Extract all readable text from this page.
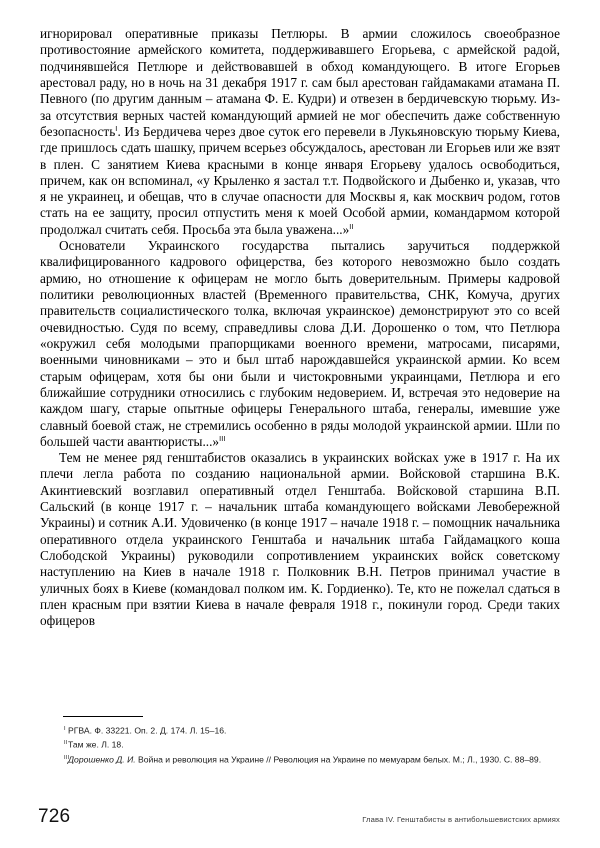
игнорировал оперативные приказы Петлюры. В армии сложилось своеобразное противостояние армейского комитета, поддерживавшего Егорьева, с армейской радой, подчинявшейся Петлюре и действовавшей в обход командующего. В итоге Егорьев арестовал раду, но в ночь на 31 декабря 1917 г. сам был арестован гайдамаками атамана П. Певного (по другим данным – атамана Ф. Е. Кудри) и отвезен в бердичевскую тюрьму. Из-за отсутствия верных частей командующий армией не мог обеспечить даже собственную безопасность$^I$. Из Бердичева через двое суток его перевели в Лукьяновскую тюрьму Киева, где пришлось сдать шашку, причем всерьез обсуждалось, арестован ли Егорьев или же взят в плен. С занятием Киева красными в конце января Егорьеву удалось освободиться, причем, как он вспоминал, «у Крыленко я застал т.т. Подвойского и Дыбенко и, указав, что я не украинец, и обещав, что в случае опасности для Москвы я, как москвич родом, готов стать на ее защиту, просил отпустить меня к моей Особой армии, командармом которой продолжал считать себя. Просьба эта была уважена...»$^{II}$

Основатели Украинского государства пытались заручиться поддержкой квалифицированного кадрового офицерства, без которого невозможно было создать армию, но отношение к офицерам не могло быть доверительным. Примеры кадровой политики революционных властей (Временного правительства, СНК, Комуча, других правительств социалистического толка, включая украинское) демонстрируют это со всей очевидностью. Судя по всему, справедливы слова Д.И. Дорошенко о том, что Петлюра «окружил себя молодыми прапорщиками военного времени, матросами, писарями, военными чиновниками – это и был штаб нарождавшейся украинской армии. Ко всем старым офицерам, хотя бы они были и чистокровными украинцами, Петлюра и его ближайшие сотрудники относились с глубоким недоверием. И, встречая это недоверие на каждом шагу, старые опытные офицеры Генерального штаба, генералы, имевшие уже славный боевой стаж, не стремились особенно в ряды молодой украинской армии. Шли по большей части авантюристы...»$^{III}$

Тем не менее ряд генштабистов оказались в украинских войсках уже в 1917 г. На их плечи легла работа по созданию национальной армии. Войсковой старшина В.К. Акинтиевский возглавил оперативный отдел Генштаба. Войсковой старшина В.П. Сальский (в конце 1917 г. – начальник штаба командующего войсками Левобережной Украины) и сотник А.И. Удовиченко (в конце 1917 – начале 1918 г. – помощник начальника оперативного отдела украинского Генштаба и начальник штаба Гайдамацкого коша Слободской Украины) руководили сопротивлением украинских войск советскому наступлению на Киев в начале 1918 г. Полковник В.Н. Петров принимал участие в уличных боях в Киеве (командовал полком им. К. Гордиенко). Те, кто не пожелал сдаться в плен красным при взятии Киева в начале февраля 1918 г., покинули город. Среди таких офицеров

I РГВА. Ф. 33221. Оп. 2. Д. 174. Л. 15–16.
IIТам же. Л. 18.
IIIДорошенко Д. И. Война и революция на Украине // Революция на Украине по мемуарам белых. М.; Л., 1930. С. 88–89.
726	Глава IV. Генштабисты в антибольшевистских армиях
